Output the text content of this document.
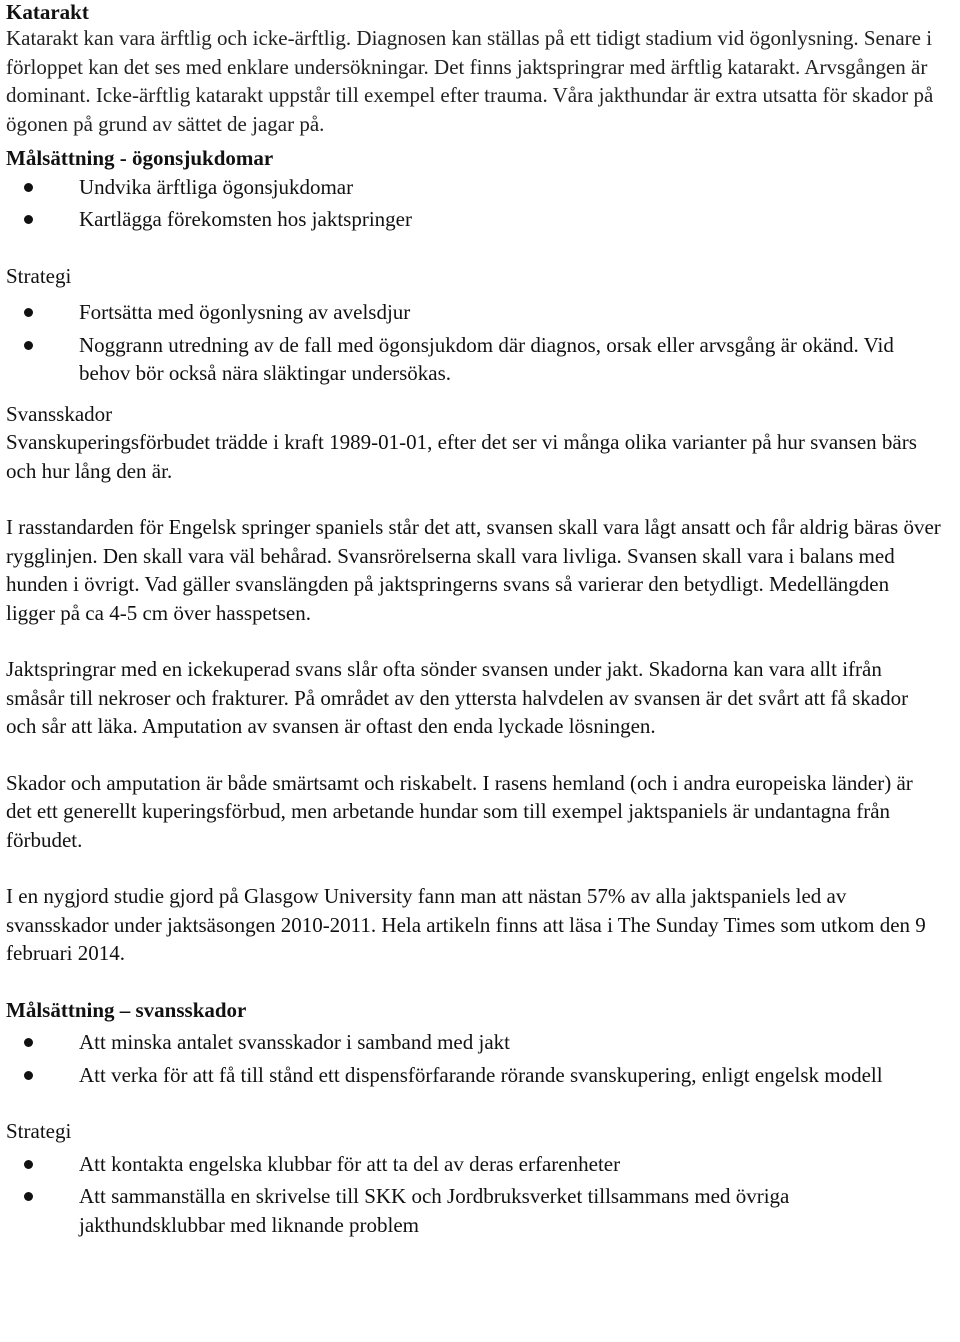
Katarakt

Katarakt kan vara ärftlig och icke-ärftlig. Diagnosen kan ställas på ett tidigt stadium vid ögonlysning. Senare i förloppet kan det ses med enklare undersökningar. Det finns jaktspringrar med ärftlig katarakt. Arvsgången är dominant. Icke-ärftlig katarakt uppstår till exempel efter trauma. Våra jakthundar är extra utsatta för skador på ögonen på grund av sättet de jagar på.

Målsättning - ögonsjukdomar

Undvika ärftliga ögonsjukdomar
Kartlägga förekomsten hos jaktspringer

Strategi

Fortsätta med ögonlysning av avelsdjur
Noggrann utredning av de fall med ögonsjukdom där diagnos, orsak eller arvsgång är okänd. Vid behov bör också nära släktingar undersökas.

Svansskador

Svanskuperingsförbudet trädde i kraft 1989-01-01, efter det ser vi många olika varianter på hur svansen bärs och hur lång den är.

I rasstandarden för Engelsk springer spaniels står det att, svansen skall vara lågt ansatt och får aldrig bäras över rygglinjen. Den skall vara väl behårad. Svansrörelserna skall vara livliga. Svansen skall vara i balans med hunden i övrigt. Vad gäller svanslängden på jaktspringerns svans så varierar den betydligt. Medellängden ligger på ca 4-5 cm över hasspetsen.

Jaktspringrar med en ickekuperad svans slår ofta sönder svansen under jakt. Skadorna kan vara allt ifrån småsår till nekroser och frakturer. På området av den yttersta halvdelen av svansen är det svårt att få skador och sår att läka. Amputation av svansen är oftast den enda lyckade lösningen.

Skador och amputation är både smärtsamt och riskabelt. I rasens hemland (och i andra europeiska länder) är det ett generellt kuperingsförbud, men arbetande hundar som till exempel jaktspaniels är undantagna från förbudet.

I en nygjord studie gjord på Glasgow University fann man att nästan 57% av alla jaktspaniels led av svansskador under jaktsäsongen 2010-2011. Hela artikeln finns att läsa i The Sunday Times som utkom den 9 februari 2014.

Målsättning – svansskador

Att minska antalet svansskador i samband med jakt
Att verka för att få till stånd ett dispensförfarande rörande svanskupering, enligt engelsk modell

Strategi

Att kontakta engelska klubbar för att ta del av deras erfarenheter
Att sammanställa en skrivelse till SKK och Jordbruksverket tillsammans med övriga jakthundsklubbar med liknande problem
